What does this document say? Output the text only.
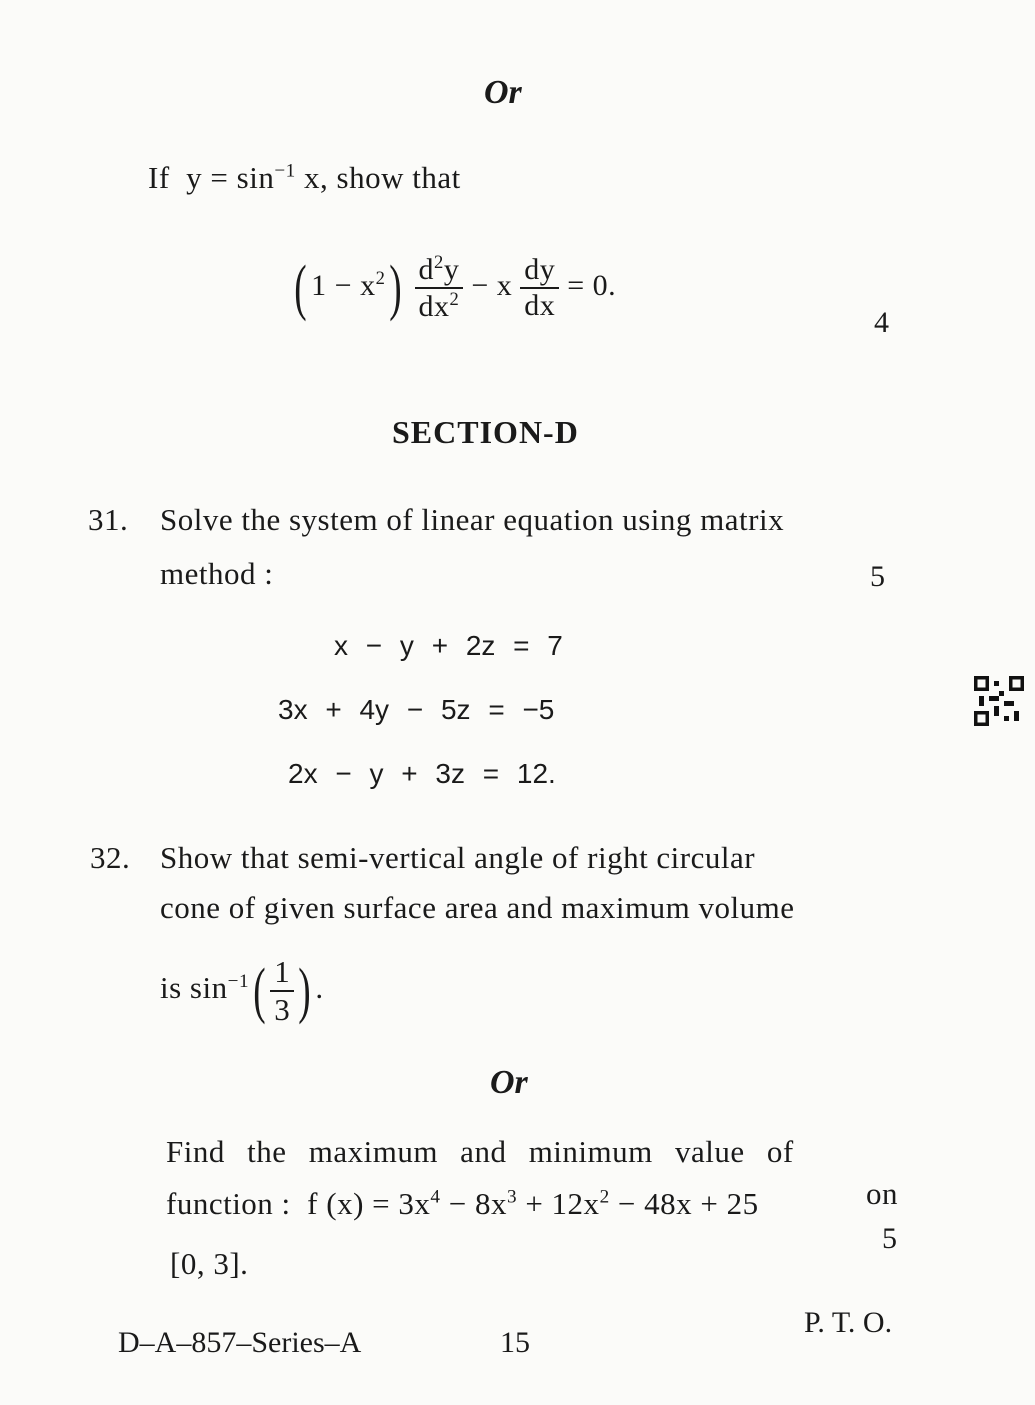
Or
If $y = \sin^{-1} x$, show that
( $1 - x^2) \frac{d^2y}{dx^2} - x \frac{dy}{dx} = 0$.
4
SECTION-D
31. Solve the system of linear equation using matrix
method :	5
x − y + 2z = 7
3x + 4y − 5z = −5
2x − y + 3z = 12.
32. Show that semi-vertical angle of right circular
cone of given surface area and maximum volume
is $\sin^{-1}( \frac{1}{3}$ ) .
Or
Find the maximum and minimum value of
function : f $(x) = 3x^4 - 8x^3 + 12x^2 - 48x + 25$	on
5
[0, 3].
D–A–857–Series–A	15
P. T. O.
